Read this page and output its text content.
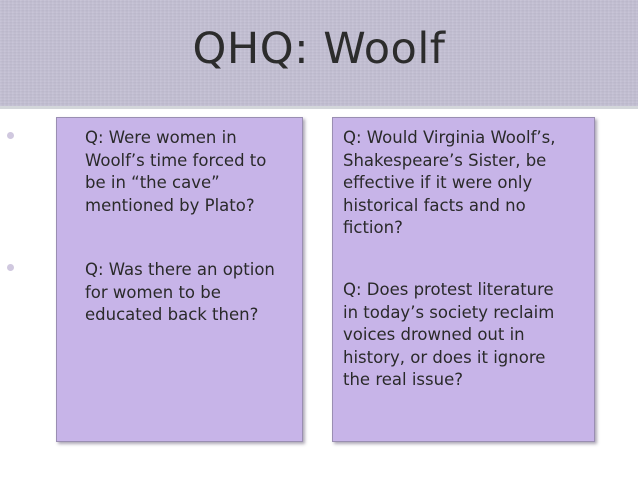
QHQ: Woolf
Q: Were women in
Woolf’s time forced to
be in “the cave”
mentioned by Plato?
Q: Was there an option
for women to be
educated back then?
Q: Would Virginia Woolf’s,
Shakespeare’s Sister, be
effective if it were only
historical facts and no
fiction?
Q: Does protest literature
in today’s society reclaim
voices drowned out in
history, or does it ignore
the real issue?
